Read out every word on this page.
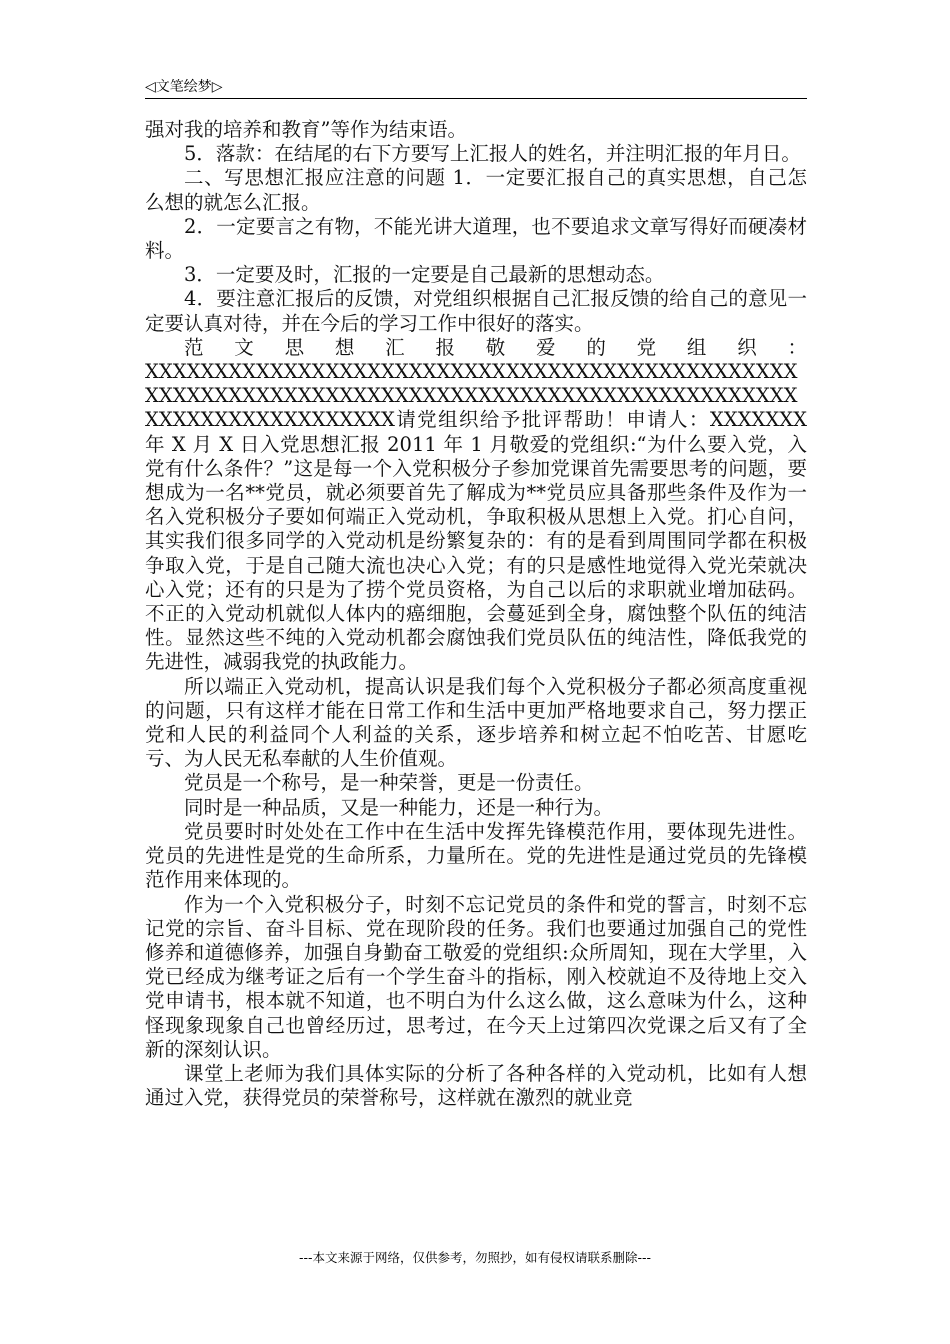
◁文笔绘梦▷

强对我的培养和教育”等作为结束语。

5．落款：在结尾的右下方要写上汇报人的姓名，并注明汇报的年月日。

二、写思想汇报应注意的问题 1．一定要汇报自己的真实思想，自己怎么想的就怎么汇报。

2．一定要言之有物，不能光讲大道理，也不要追求文章写得好而硬凑材料。

3．一定要及时，汇报的一定要是自己最新的思想动态。

4．要注意汇报后的反馈，对党组织根据自己汇报反馈的给自己的意见一定要认真对待，并在今后的学习工作中很好的落实。

范文思想汇报敬爱的党组织：

XXXXXXXXXXXXXXXXXXXXXXXXXXXXXXXXXXXXXXXXXXXXXXXXXXXXXXXXXXXXXXXXXXXXXXXXXXXXXXXXXXXXXXXXXXXXXXXXXXXXXXXXXXXXXXXX请党组织给予批评帮助！申请人：XXXXXXX 年 X 月 X 日入党思想汇报 2011 年 1 月敬爱的党组织:“为什么要入党，入党有什么条件？”这是每一个入党积极分子参加党课首先需要思考的问题，要想成为一名**党员，就必须要首先了解成为**党员应具备那些条件及作为一名入党积极分子要如何端正入党动机，争取积极从思想上入党。扪心自问，其实我们很多同学的入党动机是纷繁复杂的：有的是看到周围同学都在积极争取入党，于是自己随大流也决心入党；有的只是感性地觉得入党光荣就决心入党；还有的只是为了捞个党员资格，为自己以后的求职就业增加砝码。不正的入党动机就似人体内的癌细胞，会蔓延到全身，腐蚀整个队伍的纯洁性。显然这些不纯的入党动机都会腐蚀我们党员队伍的纯洁性，降低我党的先进性，减弱我党的执政能力。

所以端正入党动机，提高认识是我们每个入党积极分子都必须高度重视的问题，只有这样才能在日常工作和生活中更加严格地要求自己，努力摆正党和人民的利益同个人利益的关系，逐步培养和树立起不怕吃苦、甘愿吃亏、为人民无私奉献的人生价值观。

党员是一个称号，是一种荣誉，更是一份责任。

同时是一种品质，又是一种能力，还是一种行为。

党员要时时处处在工作中在生活中发挥先锋模范作用，要体现先进性。党员的先进性是党的生命所系，力量所在。党的先进性是通过党员的先锋模范作用来体现的。

作为一个入党积极分子，时刻不忘记党员的条件和党的誓言，时刻不忘记党的宗旨、奋斗目标、党在现阶段的任务。我们也要通过加强自己的党性修养和道德修养，加强自身勤奋工敬爱的党组织:众所周知，现在大学里，入党已经成为继考证之后有一个学生奋斗的指标，刚入校就迫不及待地上交入党申请书，根本就不知道，也不明白为什么这么做，这么意味为什么，这种怪现象现象自己也曾经历过，思考过，在今天上过第四次党课之后又有了全新的深刻认识。

课堂上老师为我们具体实际的分析了各种各样的入党动机，比如有人想通过入党，获得党员的荣誉称号，这样就在激烈的就业竞

---本文来源于网络，仅供参考，勿照抄，如有侵权请联系删除---
